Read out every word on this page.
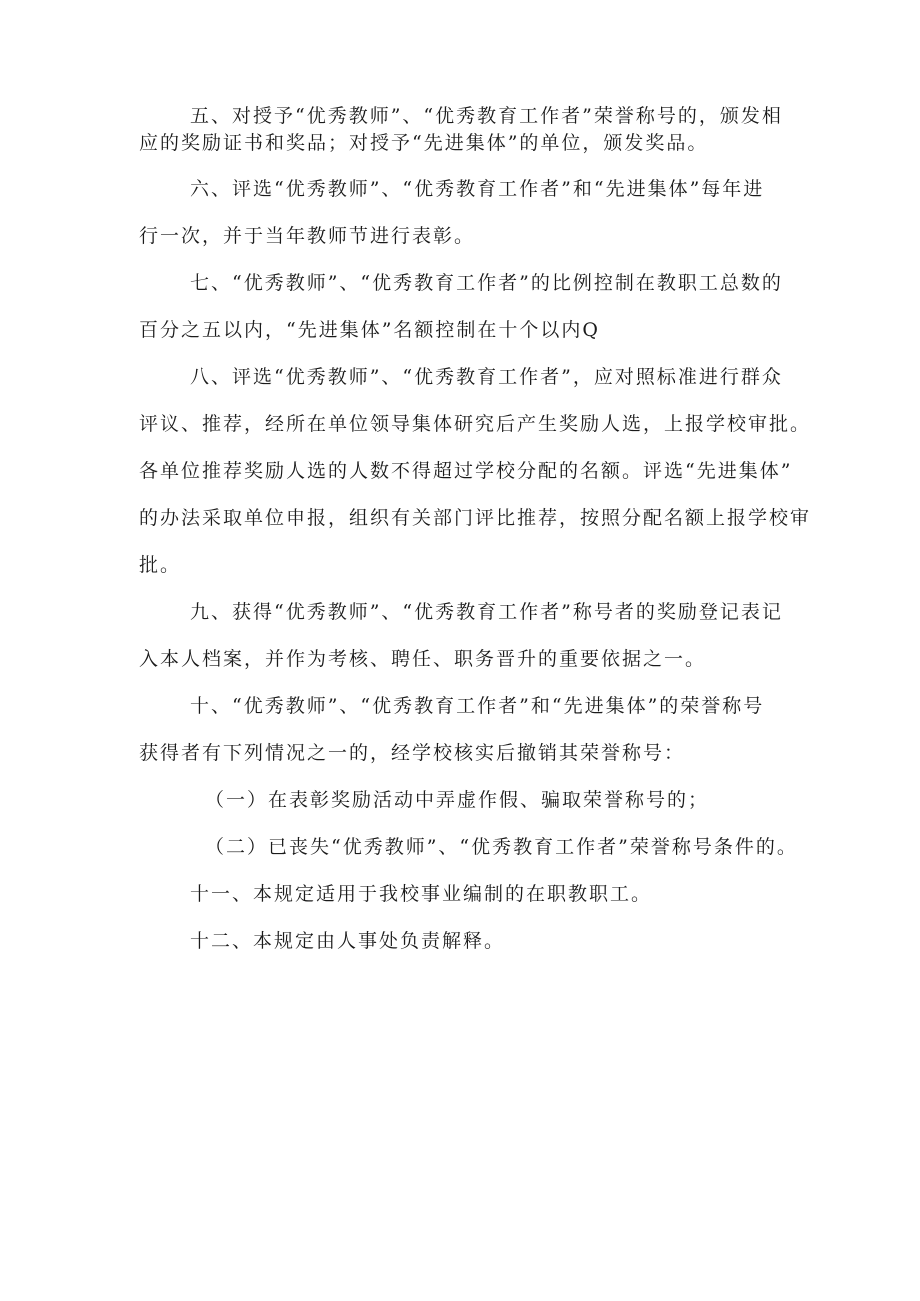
五、对授予“优秀教师”、“优秀教育工作者”荣誉称号的，颁发相
应的奖励证书和奖品；对授予“先进集体”的单位，颁发奖品。
六、评选“优秀教师”、“优秀教育工作者”和“先进集体”每年进
行一次，并于当年教师节进行表彰。
七、“优秀教师”、“优秀教育工作者”的比例控制在教职工总数的
百分之五以内，“先进集体”名额控制在十个以内Q
八、评选“优秀教师”、“优秀教育工作者”，应对照标准进行群众
评议、推荐，经所在单位领导集体研究后产生奖励人选，上报学校审批。
各单位推荐奖励人选的人数不得超过学校分配的名额。评选“先进集体”
的办法采取单位申报，组织有关部门评比推荐，按照分配名额上报学校审
批。
九、获得“优秀教师”、“优秀教育工作者”称号者的奖励登记表记
入本人档案，并作为考核、聘任、职务晋升的重要依据之一。
十、“优秀教师”、“优秀教育工作者”和“先进集体”的荣誉称号
获得者有下列情况之一的，经学校核实后撤销其荣誉称号：
（一）在表彰奖励活动中弄虚作假、骗取荣誉称号的；
（二）已丧失“优秀教师”、“优秀教育工作者”荣誉称号条件的。
十一、本规定适用于我校事业编制的在职教职工。
十二、本规定由人事处负责解释。
